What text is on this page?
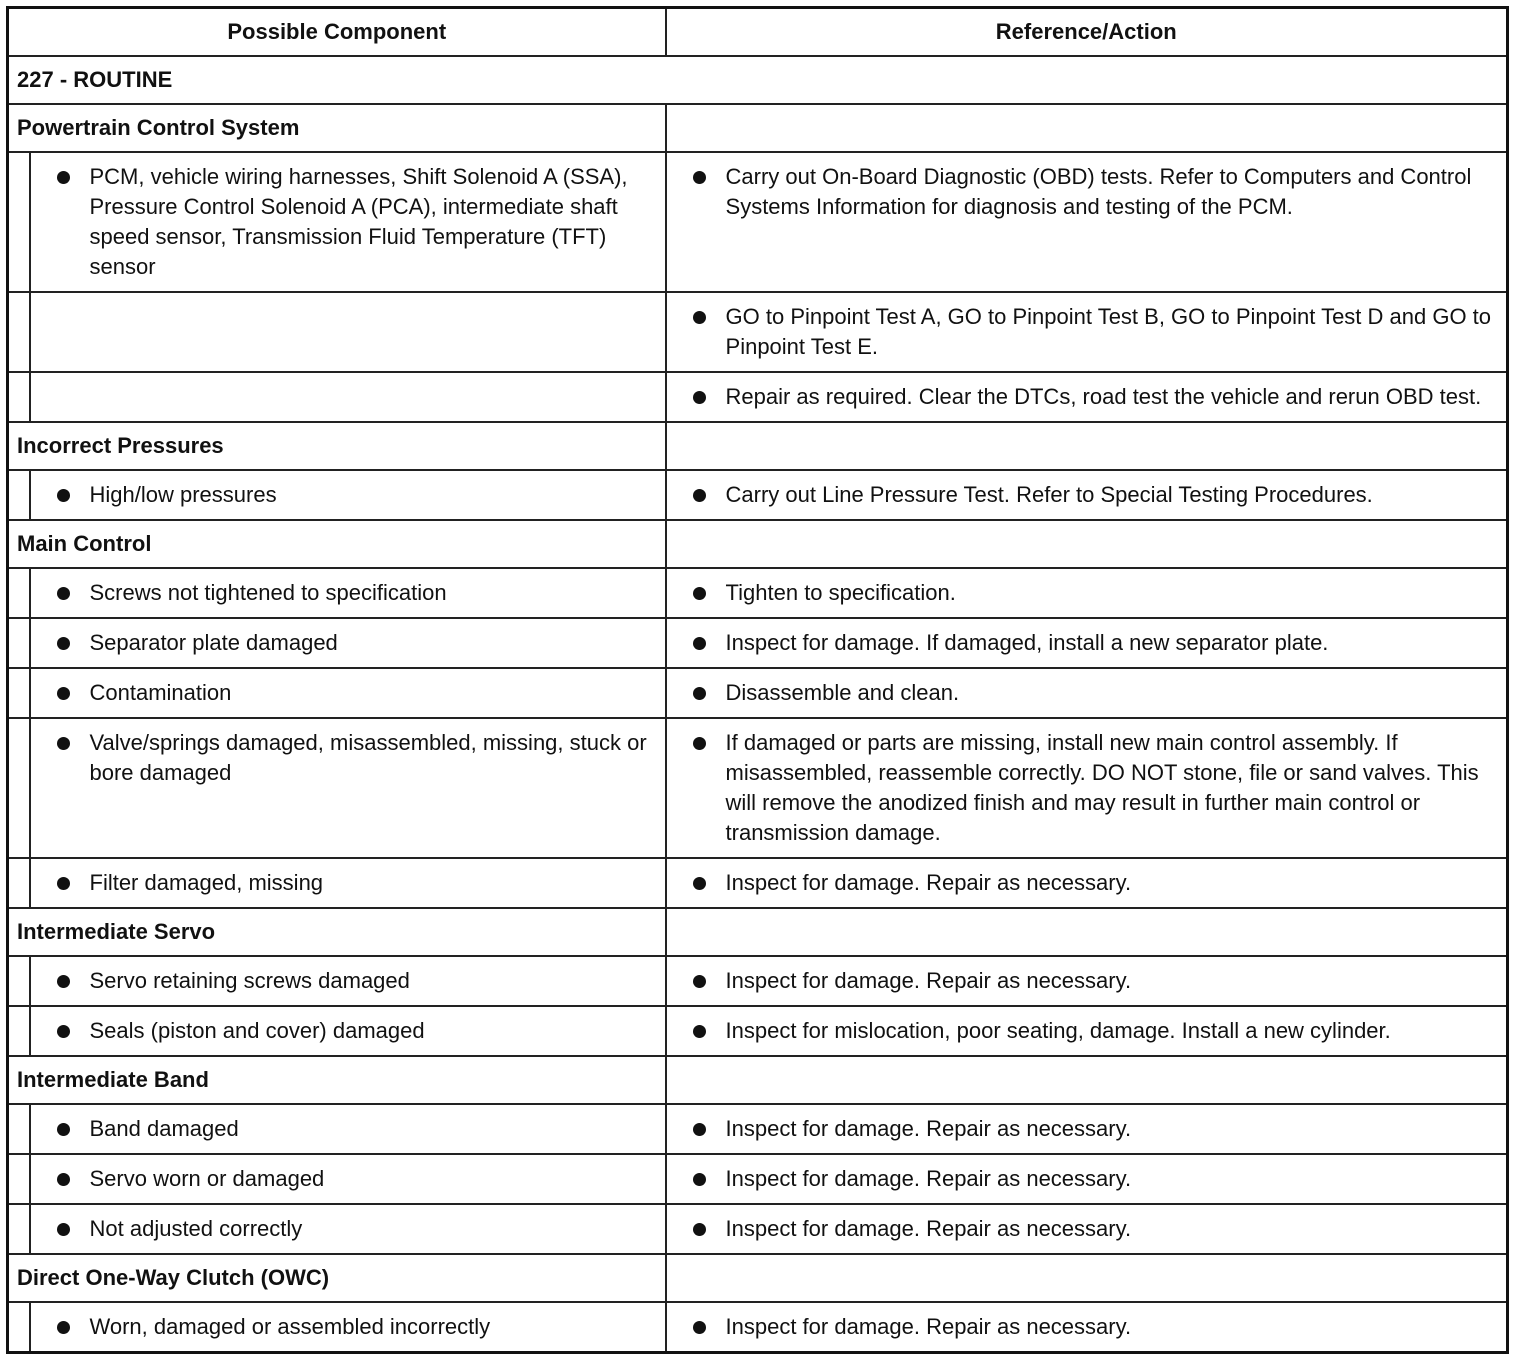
Possible Component		Reference/Action
227 - ROUTINE		
Powertrain Control System		

	PCM, vehicle wiring harnesses, Shift Solenoid A (SSA), Pressure Control Solenoid A (PCA), intermediate shaft speed sensor, Transmission Fluid Temperature (TFT) sensor	Carry out On-Board Diagnostic (OBD) tests. Refer to Computers and Control Systems Information for diagnosis and testing of the PCM.

		GO to Pinpoint Test A, GO to Pinpoint Test B, GO to Pinpoint Test D and GO to Pinpoint Test E.

		Repair as required. Clear the DTCs, road test the vehicle and rerun OBD test.

Incorrect Pressures		

	High/low pressures	Carry out Line Pressure Test. Refer to Special Testing Procedures.

Main Control		

	Screws not tightened to specification	Tighten to specification.

	Separator plate damaged	Inspect for damage. If damaged, install a new separator plate.

	Contamination	Disassemble and clean.

	Valve/springs damaged, misassembled, missing, stuck or bore damaged	If damaged or parts are missing, install new main control assembly. If misassembled, reassemble correctly. DO NOT stone, file or sand valves. This will remove the anodized finish and may result in further main control or transmission damage.

	Filter damaged, missing	Inspect for damage. Repair as necessary.

Intermediate Servo		

	Servo retaining screws damaged	Inspect for damage. Repair as necessary.

	Seals (piston and cover) damaged	Inspect for mislocation, poor seating, damage. Install a new cylinder.

Intermediate Band		

	Band damaged	Inspect for damage. Repair as necessary.

	Servo worn or damaged	Inspect for damage. Repair as necessary.

	Not adjusted correctly	Inspect for damage. Repair as necessary.

Direct One-Way Clutch (OWC)		

	Worn, damaged or assembled incorrectly	Inspect for damage. Repair as necessary.
